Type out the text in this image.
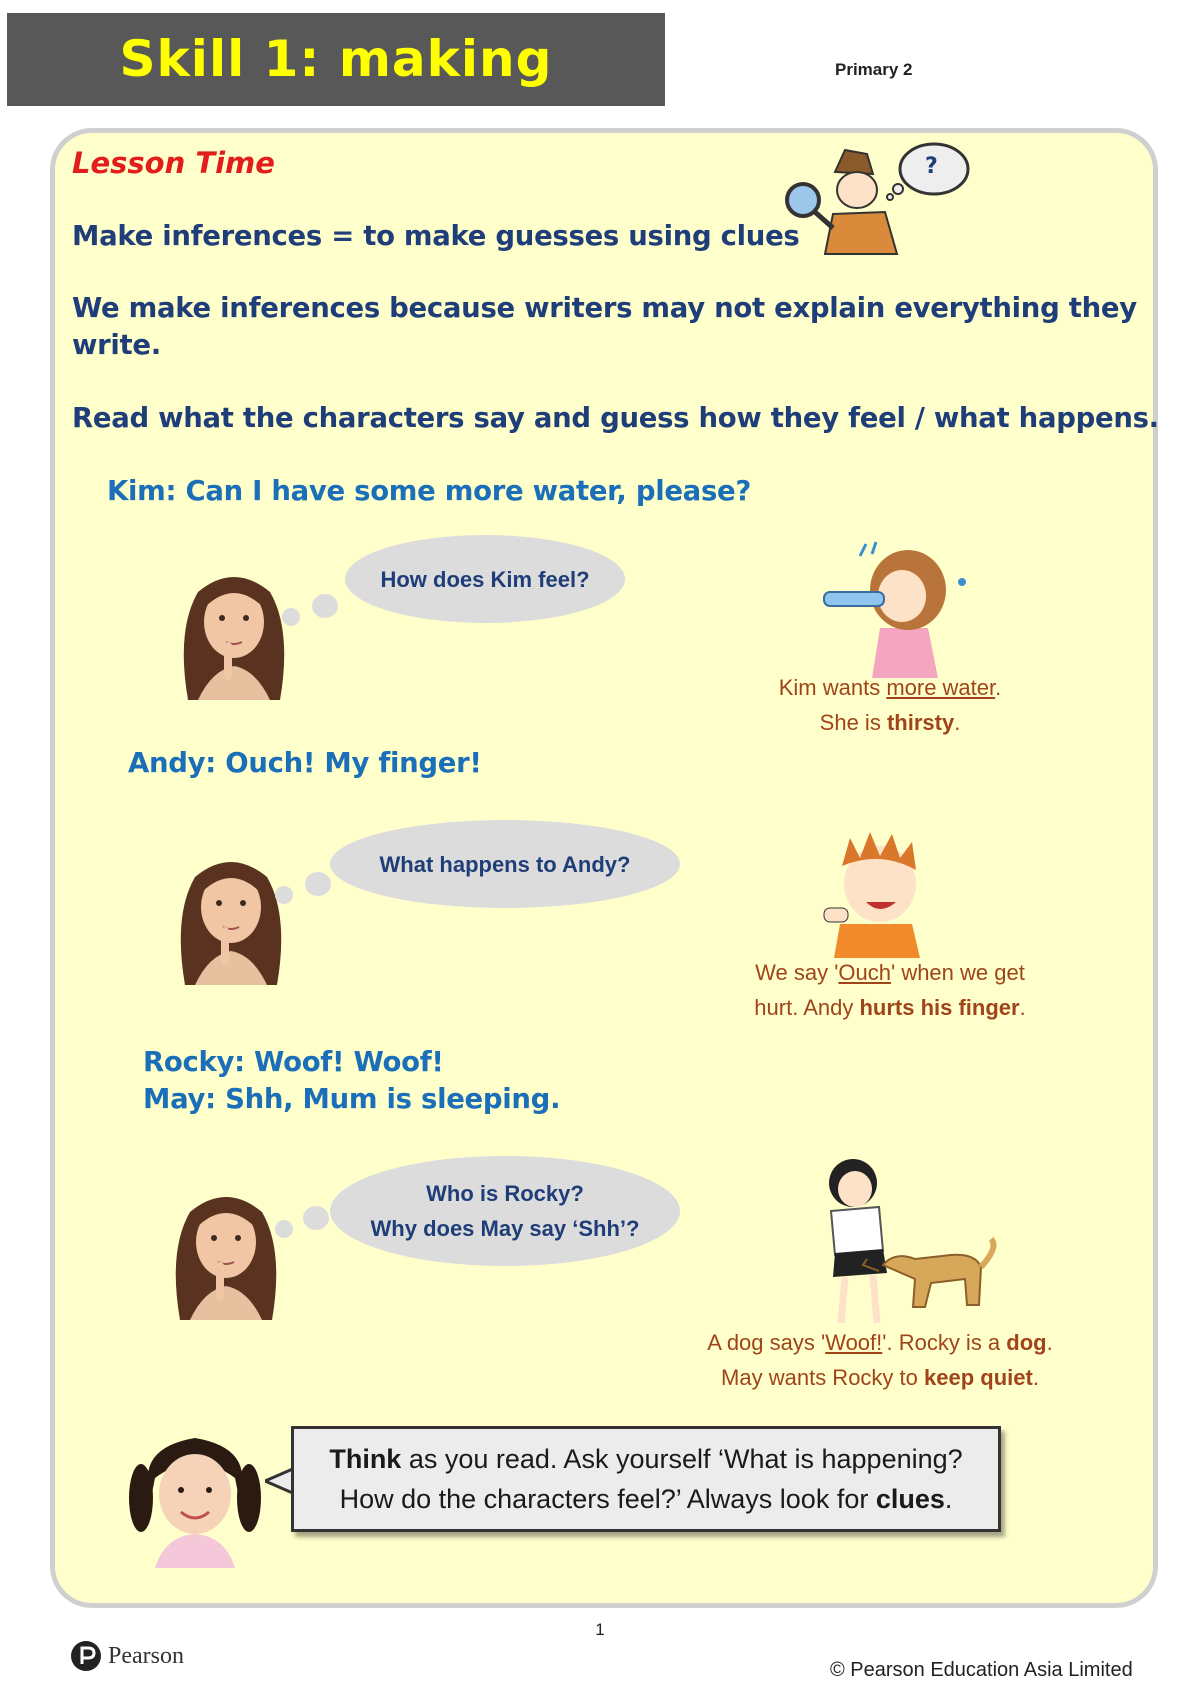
Skill 1: making	Primary 2
Lesson Time
Make inferences = to make guesses using clues
We make inferences because writers may not explain everything they
write.
Read what the characters say and guess how they feel / what happens.
?
Kim: Can I have some more water, please?
How does Kim feel?
Kim wants more water.
She is thirsty.
Andy: Ouch! My finger!
What happens to Andy?
We say 'Ouch' when we get
hurt. Andy hurts his finger.
Rocky: Woof! Woof!
May: Shh, Mum is sleeping.
Who is Rocky?
Why does May say ‘Shh’?
A dog says 'Woof!'. Rocky is a dog.
May wants Rocky to keep quiet.
Think as you read. Ask yourself ‘What is happening?
How do the characters feel?’ Always look for clues.
1
Pearson
© Pearson Education Asia Limited
